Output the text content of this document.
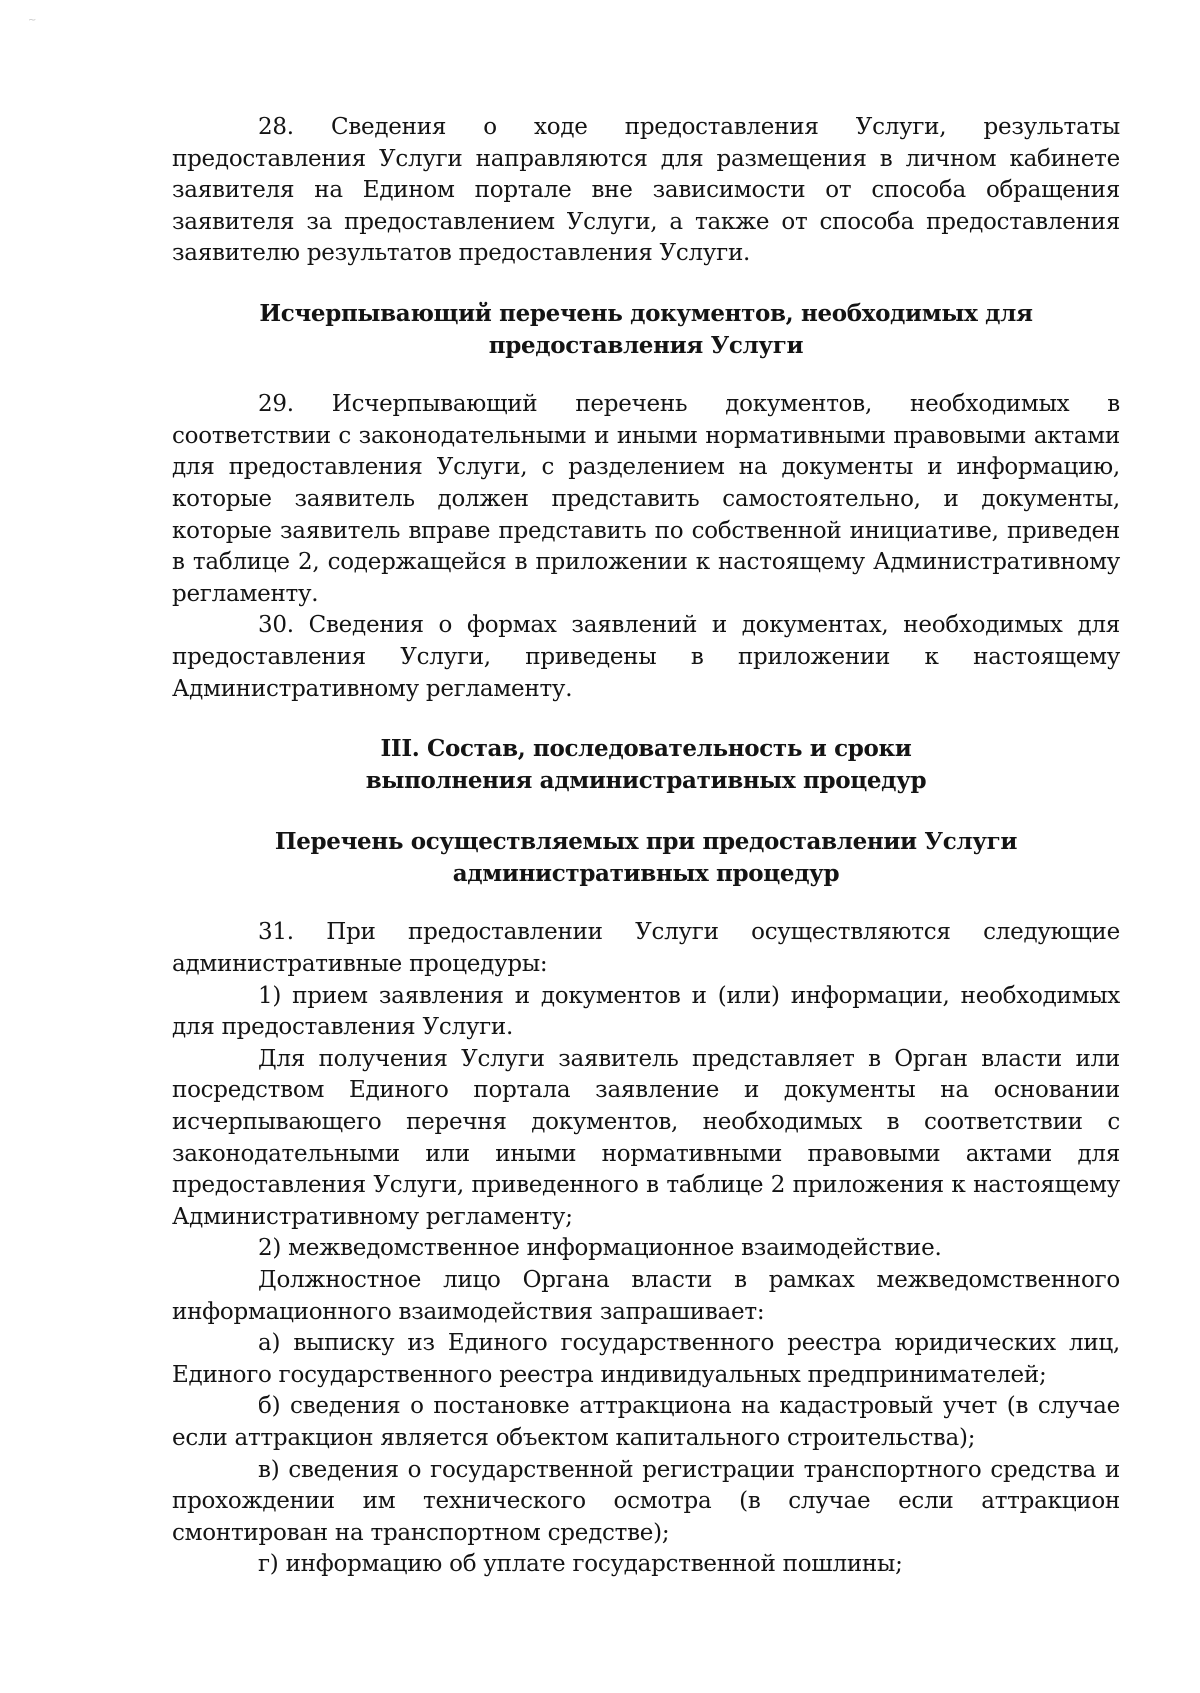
~

28. Сведения о ходе предоставления Услуги, результаты предоставления Услуги направляются для размещения в личном кабинете заявителя на Едином портале вне зависимости от способа обращения заявителя за предоставлением Услуги, а также от способа предоставления заявителю результатов предоставления Услуги.

Исчерпывающий перечень документов, необходимых для предоставления Услуги

29. Исчерпывающий перечень документов, необходимых в соответствии с законодательными и иными нормативными правовыми актами для предоставления Услуги, с разделением на документы и информацию, которые заявитель должен представить самостоятельно, и документы, которые заявитель вправе представить по собственной инициативе, приведен в таблице 2, содержащейся в приложении к настоящему Административному регламенту.

30. Сведения о формах заявлений и документах, необходимых для предоставления Услуги, приведены в приложении к настоящему Административному регламенту.

III. Состав, последовательность и сроки выполнения административных процедур
Перечень осуществляемых при предоставлении Услуги административных процедур

31. При предоставлении Услуги осуществляются следующие административные процедуры:

1) прием заявления и документов и (или) информации, необходимых для предоставления Услуги.

Для получения Услуги заявитель представляет в Орган власти или посредством Единого портала заявление и документы на основании исчерпывающего перечня документов, необходимых в соответствии с законодательными или иными нормативными правовыми актами для предоставления Услуги, приведенного в таблице 2 приложения к настоящему Административному регламенту;

2) межведомственное информационное взаимодействие.

Должностное лицо Органа власти в рамках межведомственного информационного взаимодействия запрашивает:

а) выписку из Единого государственного реестра юридических лиц, Единого государственного реестра индивидуальных предпринимателей;

б) сведения о постановке аттракциона на кадастровый учет (в случае если аттракцион является объектом капитального строительства);

в) сведения о государственной регистрации транспортного средства и прохождении им технического осмотра (в случае если аттракцион смонтирован на транспортном средстве);

г) информацию об уплате государственной пошлины;
